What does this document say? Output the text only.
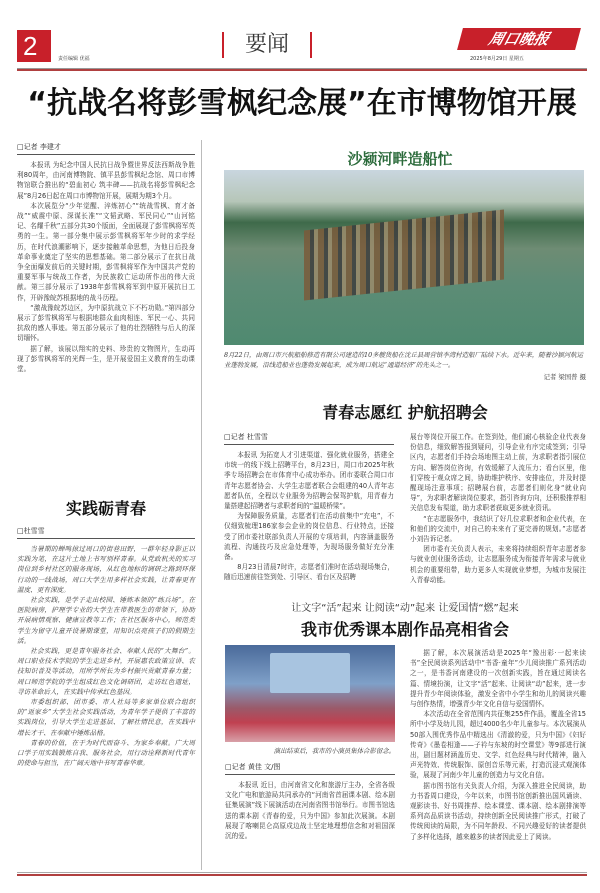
2	责任编辑 优福
要闻	周口晚报
2025年8月29日 星期五
“抗战名将彭雪枫纪念展”在市博物馆开展
□记者 李建才

本报讯 为纪念中国人民抗日战争暨世界反法西斯战争胜利80周年，由河南博物院、镇平县彭雪枫纪念馆、周口市博物馆联合推出的“碧血初心 筑丰碑——抗战名将彭雪枫纪念展”8月26日起在周口市博物馆开展，展期为期3个月。

本次展览分“少年觉醒、淬炼初心”“统战雪枫、育才备战”“威震中原、深谋长准”“文韬武略、军民同心”“山河铭记、名耀千秋”五部分共30个版面，全面展现了彭雪枫将军英勇的一生。第一部分集中展示彭雪枫将军年少时的求学经历，在时代浪潮影响下，逐步接触革命思想，为他日后投身革命事业奠定了坚实的思想基础。第二部分展示了在抗日战争全面爆发前后的关键时期，彭雪枫将军作为中国共产党的重要军事与统战工作者，为民族救亡运动所作出的伟大贡献。第三部分展示了1938年彭雪枫将军到中原开展抗日工作，开辟豫皖苏根据地的战斗历程。

“激战豫皖苏边区，为中原抗战立下不朽功勋。”第四部分展示了彭雪枫将军与根据地群众血肉相连、军民一心、共同抗敌的感人事迹。第五部分展示了他的壮烈牺牲与后人的深切缅怀。

据了解，该展以翔实的史料、珍贵的文物图片，生动再现了彭雪枫将军的光辉一生，是开展爱国主义教育的生动课堂。

沙颍河畔造船忙
8月22日，由周口市兴航船舶修造有限公司建造的10多艘货船在沈丘县周营镇李湾村造船厂陆续下水。近年来，随着沙颍河航运业蓬勃发展，沿线造船业也蓬勃发展起来，成为周口航运“通道经济”的先头之一。
记者 梁国普 摄
青春志愿红 护航招聘会
□记者 杜雪雪

本报讯 为拓宽人才引进渠道、强化就业服务，搭建全市统一的线下线上招聘平台，8月23日，周口市2025年秋季专场招聘会在市体育中心成功举办。团市委联合周口市青年志愿者协会、大学生志愿者联合会组建的40人青年志愿者队伍，全程以专业服务为招聘会保驾护航，用青春力量搭建起招聘者与求职者间的“温暖桥梁”。

为保障服务质量，志愿者们在活动前集中“充电”，不仅细致梳理186家参会企业的岗位信息、行业特点，还接受了团市委社联部负责人开展的专项培训，内容涵盖服务流程、沟通技巧及应急处理等，为现场服务做好充分准备。

8月23日清晨7时许，志愿者们准时在活动现场集合，随后迅速前往签到处、引导区、看台区及招聘

展台等岗位开展工作。在签到处，他们耐心核验企业代表身份信息，细致解答报到疑问，引导企业有序完成签到；引导区内，志愿者们手持会场地图主动上前，为求职者指引展位方向、解答岗位咨询，有效缓解了人流压力；看台区里，他们穿梭于观众席之间，协助维护秩序、安排座位，并及时提醒现场注意事项；招聘展台前，志愿者们则化身“就业向导”，为求职者解读岗位要求，指引咨询方向，还积极推荐相关信息发布渠道，助力求职者获取更多就业资讯。

“在志愿服务中，我结识了好几位求职者和企业代表，在和他们的交流中，对自己的未来有了更完善的规划。”志愿者小刘告诉记者。

团市委有关负责人表示，未来将持续组织青年志愿者参与就业创业服务活动，让志愿服务成为衔接青年需求与就业机会的重要纽带，助力更多人实现就业梦想，为城市发展注入青春动能。

实践砺青春
□杜雪雪

当暑期的蝉鸣掠过周口的街巷田野，一群年轻身影正以实践为笔，在这片土地上书写别样青春。从党政机关的实习岗位到乡村社区的服务现场，从红色地标的调研之路到环保行动的一线战场，周口大学生用多样社会实践，让青春更有温度、更有深度。

社会实践，是学子走出校园、锤炼本领的“练兵场”。在医院病房，护理学专业的大学生在带教医生的带领下，协助开展病情观察、健康宣教等工作；在社区服务中心，师范类学生为留守儿童开设暑期课堂，用知识点亮孩子们的假期生活。

社会实践，更是青年服务社会、奉献人民的“大舞台”。周口职业技术学院的学生走进乡村，开展惠农政策宣讲、农技知识普及等活动，用所学所长为乡村振兴贡献青春力量；周口师范学院的学生组成红色文化调研团，走访红色遗址，寻访革命后人，在实践中传承红色基因。

市委组织部、团市委、市人社局等多家单位联合组织的“返家乡”大学生社会实践活动，为青年学子提供了丰富的实践岗位，引导大学生走进基层、了解社情民意，在实践中增长才干、在奉献中锤炼品格。

青春的价值，在于为时代而奋斗、为家乡奉献。广大周口学子用实践锻炼自我、服务社会，用行动诠释新时代青年的使命与担当，在广阔天地中书写青春华章。

让文字“活”起来 让阅读“动”起来 让爱国情“燃”起来
我市优秀课本剧作品亮相省会
演出结束后，我市的小演员集体合影留念。
□记者 黄佳 文/图

本报讯 近日，由河南省文化和旅游厅主办，全省各级文化广电和旅游局共同承办的“河南省首届课本剧、绘本剧征集展演”线下展演活动在河南省图书馆举行。市图书馆选送的课本剧《青春的爱，只为中国》参加此次展演。本剧展现了喀喇昆仑高原戍边战士坚定地理想信念和对祖国深沉的爱。

据了解，本次展演活动是2025年“豫出彩·一起来读书”全民阅读系列活动中“书香·童年”少儿阅读推广系列活动之一，是书香河南建设的一次创新实践，旨在通过阅读名篇、情境扮演，让文字“活”起来、让阅读“动”起来，进一步提升青少年阅读体验，激发全省中小学生和幼儿的阅读兴趣与创作热情，增强青少年文化自信与爱国情怀。

本次活动在全省范围内共征集255件作品，覆盖全省15所中小学及幼儿园，超过4000名少年儿童参与。本次展演从50部入围优秀作品中精选出《清澈的爱，只为中国》《妇好传奇》《墨卷相逢——子衿与东坡的时空课堂》等9部进行演出，剧目题材涵盖历史、文学、红色经典与时代精神，融入声光特效、传统服饰、原创音乐等元素，打造沉浸式观演体验，展现了河南少年儿童的创造力与文化自信。

据市图书馆有关负责人介绍，为深入推进全民阅读，助力书香周口建设，今年以来，市图书馆创新推出国风诵读、观影读书、好书周推荐、绘本课堂、课本剧、绘本剧排演等系列高品质读书活动，持续创新全民阅读推广形式，打破了传统阅读的局限，为不同年龄段、不同兴趣爱好的读者提供了多样化选择，越来越多的读者因此爱上了阅读。
